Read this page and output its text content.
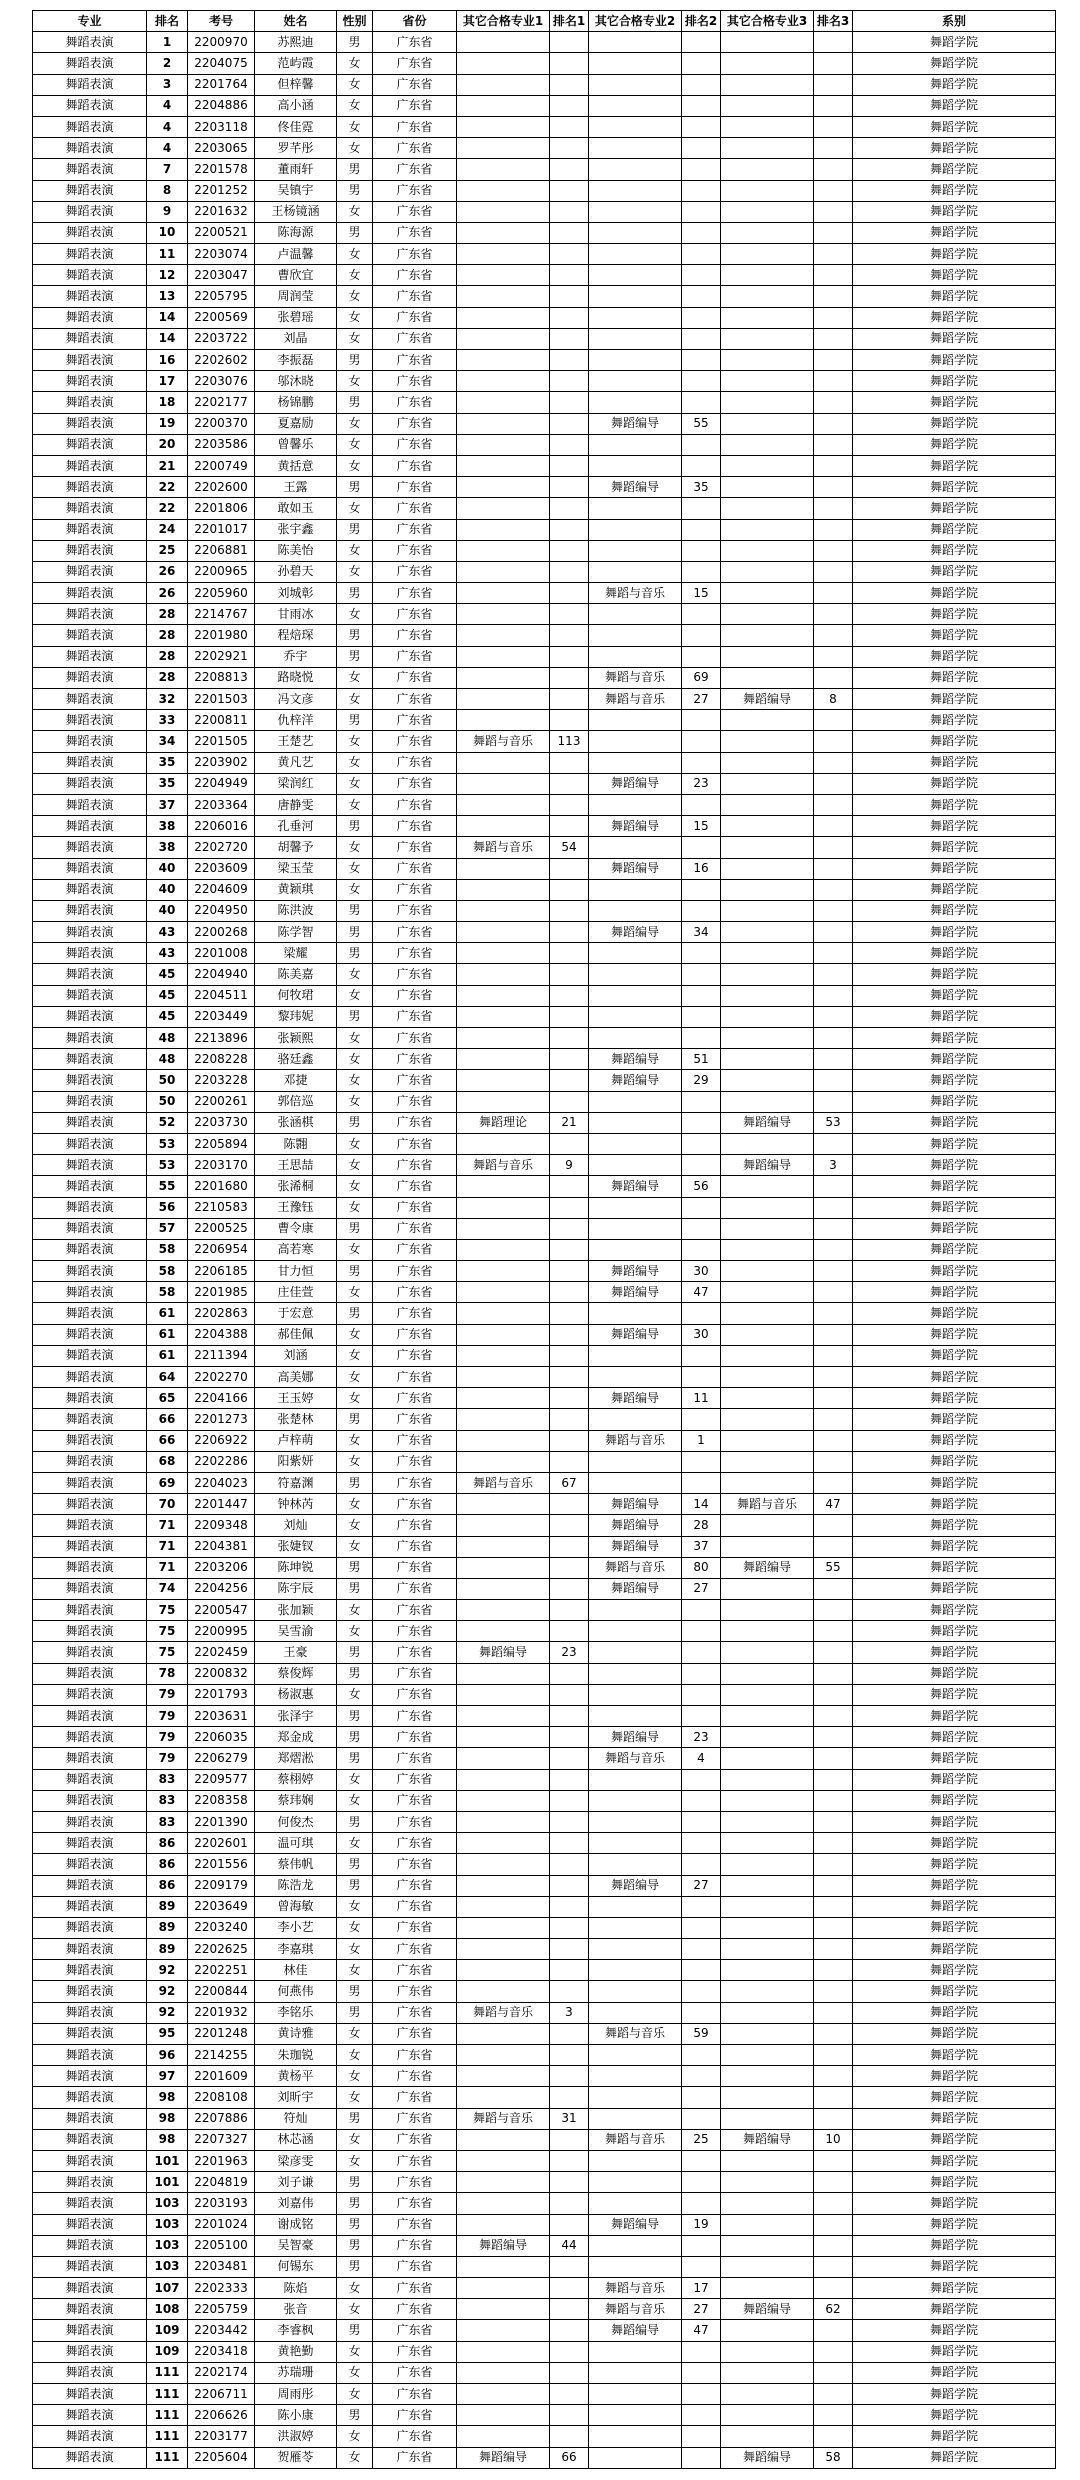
专业	排名	考号	姓名	性别	省份	其它合格专业1	排名1	其它合格专业2	排名2	其它合格专业3	排名3	系别
舞蹈表演	1	2200970	苏熙迪	男	广东省							舞蹈学院
舞蹈表演	2	2204075	范屿霞	女	广东省							舞蹈学院
舞蹈表演	3	2201764	但梓馨	女	广东省							舞蹈学院
舞蹈表演	4	2204886	高小涵	女	广东省							舞蹈学院
舞蹈表演	4	2203118	佟佳霓	女	广东省							舞蹈学院
舞蹈表演	4	2203065	罗芊彤	女	广东省							舞蹈学院
舞蹈表演	7	2201578	董雨轩	男	广东省							舞蹈学院
舞蹈表演	8	2201252	吴镇宇	男	广东省							舞蹈学院
舞蹈表演	9	2201632	王杨镜涵	女	广东省							舞蹈学院
舞蹈表演	10	2200521	陈海源	男	广东省							舞蹈学院
舞蹈表演	11	2203074	卢温馨	女	广东省							舞蹈学院
舞蹈表演	12	2203047	曹欣宜	女	广东省							舞蹈学院
舞蹈表演	13	2205795	周润莹	女	广东省							舞蹈学院
舞蹈表演	14	2200569	张碧瑶	女	广东省							舞蹈学院
舞蹈表演	14	2203722	刘晶	女	广东省							舞蹈学院
舞蹈表演	16	2202602	李振磊	男	广东省							舞蹈学院
舞蹈表演	17	2203076	邬沐晓	女	广东省							舞蹈学院
舞蹈表演	18	2202177	杨锦鹏	男	广东省							舞蹈学院
舞蹈表演	19	2200370	夏嘉励	女	广东省			舞蹈编导	55			舞蹈学院
舞蹈表演	20	2203586	曾馨乐	女	广东省							舞蹈学院
舞蹈表演	21	2200749	黄括意	女	广东省							舞蹈学院
舞蹈表演	22	2202600	王露	男	广东省			舞蹈编导	35			舞蹈学院
舞蹈表演	22	2201806	敢如玉	女	广东省							舞蹈学院
舞蹈表演	24	2201017	张宇鑫	男	广东省							舞蹈学院
舞蹈表演	25	2206881	陈美怡	女	广东省							舞蹈学院
舞蹈表演	26	2200965	孙碧天	女	广东省							舞蹈学院
舞蹈表演	26	2205960	刘城彰	男	广东省			舞蹈与音乐	15			舞蹈学院
舞蹈表演	28	2214767	甘雨冰	女	广东省							舞蹈学院
舞蹈表演	28	2201980	程焙琛	男	广东省							舞蹈学院
舞蹈表演	28	2202921	乔宇	男	广东省							舞蹈学院
舞蹈表演	28	2208813	路晓悦	女	广东省			舞蹈与音乐	69			舞蹈学院
舞蹈表演	32	2201503	冯文彦	女	广东省			舞蹈与音乐	27	舞蹈编导	8	舞蹈学院
舞蹈表演	33	2200811	仇梓洋	男	广东省							舞蹈学院
舞蹈表演	34	2201505	王楚艺	女	广东省	舞蹈与音乐	113					舞蹈学院
舞蹈表演	35	2203902	黄凡艺	女	广东省							舞蹈学院
舞蹈表演	35	2204949	梁润红	女	广东省			舞蹈编导	23			舞蹈学院
舞蹈表演	37	2203364	唐静雯	女	广东省							舞蹈学院
舞蹈表演	38	2206016	孔垂河	男	广东省			舞蹈编导	15			舞蹈学院
舞蹈表演	38	2202720	胡馨予	女	广东省	舞蹈与音乐	54					舞蹈学院
舞蹈表演	40	2203609	梁玉莹	女	广东省			舞蹈编导	16			舞蹈学院
舞蹈表演	40	2204609	黄颖琪	女	广东省							舞蹈学院
舞蹈表演	40	2204950	陈洪波	男	广东省							舞蹈学院
舞蹈表演	43	2200268	陈学智	男	广东省			舞蹈编导	34			舞蹈学院
舞蹈表演	43	2201008	梁耀	男	广东省							舞蹈学院
舞蹈表演	45	2204940	陈美嘉	女	广东省							舞蹈学院
舞蹈表演	45	2204511	何牧珺	女	广东省							舞蹈学院
舞蹈表演	45	2203449	黎玮妮	男	广东省							舞蹈学院
舞蹈表演	48	2213896	张颖熙	女	广东省							舞蹈学院
舞蹈表演	48	2208228	骆廷鑫	女	广东省			舞蹈编导	51			舞蹈学院
舞蹈表演	50	2203228	邓捷	女	广东省			舞蹈编导	29			舞蹈学院
舞蹈表演	50	2200261	郭倍巡	女	广东省							舞蹈学院
舞蹈表演	52	2203730	张涵棋	男	广东省	舞蹈理论	21			舞蹈编导	53	舞蹈学院
舞蹈表演	53	2205894	陈翾	女	广东省							舞蹈学院
舞蹈表演	53	2203170	王思喆	女	广东省	舞蹈与音乐	9			舞蹈编导	3	舞蹈学院
舞蹈表演	55	2201680	张浠桐	女	广东省			舞蹈编导	56			舞蹈学院
舞蹈表演	56	2210583	王豫钰	女	广东省							舞蹈学院
舞蹈表演	57	2200525	曹令康	男	广东省							舞蹈学院
舞蹈表演	58	2206954	高若寒	女	广东省							舞蹈学院
舞蹈表演	58	2206185	甘力恒	男	广东省			舞蹈编导	30			舞蹈学院
舞蹈表演	58	2201985	庄佳萱	女	广东省			舞蹈编导	47			舞蹈学院
舞蹈表演	61	2202863	于宏意	男	广东省							舞蹈学院
舞蹈表演	61	2204388	郝佳佩	女	广东省			舞蹈编导	30			舞蹈学院
舞蹈表演	61	2211394	刘涵	女	广东省							舞蹈学院
舞蹈表演	64	2202270	高美娜	女	广东省							舞蹈学院
舞蹈表演	65	2204166	王玉婷	女	广东省			舞蹈编导	11			舞蹈学院
舞蹈表演	66	2201273	张楚林	男	广东省							舞蹈学院
舞蹈表演	66	2206922	卢梓萌	女	广东省			舞蹈与音乐	1			舞蹈学院
舞蹈表演	68	2202286	阳紫妍	女	广东省							舞蹈学院
舞蹈表演	69	2204023	符嘉渊	男	广东省	舞蹈与音乐	67					舞蹈学院
舞蹈表演	70	2201447	钟林芮	女	广东省			舞蹈编导	14	舞蹈与音乐	47	舞蹈学院
舞蹈表演	71	2209348	刘灿	女	广东省			舞蹈编导	28			舞蹈学院
舞蹈表演	71	2204381	张婕钗	女	广东省			舞蹈编导	37			舞蹈学院
舞蹈表演	71	2203206	陈坤锐	男	广东省			舞蹈与音乐	80	舞蹈编导	55	舞蹈学院
舞蹈表演	74	2204256	陈宇辰	男	广东省			舞蹈编导	27			舞蹈学院
舞蹈表演	75	2200547	张加颖	女	广东省							舞蹈学院
舞蹈表演	75	2200995	吴雪渝	女	广东省							舞蹈学院
舞蹈表演	75	2202459	王豪	男	广东省	舞蹈编导	23					舞蹈学院
舞蹈表演	78	2200832	蔡俊辉	男	广东省							舞蹈学院
舞蹈表演	79	2201793	杨淑惠	女	广东省							舞蹈学院
舞蹈表演	79	2203631	张泽宇	男	广东省							舞蹈学院
舞蹈表演	79	2206035	郑金成	男	广东省			舞蹈编导	23			舞蹈学院
舞蹈表演	79	2206279	郑熠淞	男	广东省			舞蹈与音乐	4			舞蹈学院
舞蹈表演	83	2209577	蔡栩婷	女	广东省							舞蹈学院
舞蹈表演	83	2208358	蔡玮娴	女	广东省							舞蹈学院
舞蹈表演	83	2201390	何俊杰	男	广东省							舞蹈学院
舞蹈表演	86	2202601	温可琪	女	广东省							舞蹈学院
舞蹈表演	86	2201556	蔡伟帆	男	广东省							舞蹈学院
舞蹈表演	86	2209179	陈浩龙	男	广东省			舞蹈编导	27			舞蹈学院
舞蹈表演	89	2203649	曾海敏	女	广东省							舞蹈学院
舞蹈表演	89	2203240	李小艺	女	广东省							舞蹈学院
舞蹈表演	89	2202625	李嘉琪	女	广东省							舞蹈学院
舞蹈表演	92	2202251	林佳	女	广东省							舞蹈学院
舞蹈表演	92	2200844	何燕伟	男	广东省							舞蹈学院
舞蹈表演	92	2201932	李铭乐	男	广东省	舞蹈与音乐	3					舞蹈学院
舞蹈表演	95	2201248	黄诗雅	女	广东省			舞蹈与音乐	59			舞蹈学院
舞蹈表演	96	2214255	朱珈锐	女	广东省							舞蹈学院
舞蹈表演	97	2201609	黄杨平	女	广东省							舞蹈学院
舞蹈表演	98	2208108	刘昕宇	女	广东省							舞蹈学院
舞蹈表演	98	2207886	符灿	男	广东省	舞蹈与音乐	31					舞蹈学院
舞蹈表演	98	2207327	林芯涵	女	广东省			舞蹈与音乐	25	舞蹈编导	10	舞蹈学院
舞蹈表演	101	2201963	梁彦雯	女	广东省							舞蹈学院
舞蹈表演	101	2204819	刘子谦	男	广东省							舞蹈学院
舞蹈表演	103	2203193	刘嘉伟	男	广东省							舞蹈学院
舞蹈表演	103	2201024	谢成铭	男	广东省			舞蹈编导	19			舞蹈学院
舞蹈表演	103	2205100	吴智豪	男	广东省	舞蹈编导	44					舞蹈学院
舞蹈表演	103	2203481	何锡东	男	广东省							舞蹈学院
舞蹈表演	107	2202333	陈焰	女	广东省			舞蹈与音乐	17			舞蹈学院
舞蹈表演	108	2205759	张音	女	广东省			舞蹈与音乐	27	舞蹈编导	62	舞蹈学院
舞蹈表演	109	2203442	李睿枫	男	广东省			舞蹈编导	47			舞蹈学院
舞蹈表演	109	2203418	黄艳勤	女	广东省							舞蹈学院
舞蹈表演	111	2202174	苏瑞珊	女	广东省							舞蹈学院
舞蹈表演	111	2206711	周雨彤	女	广东省							舞蹈学院
舞蹈表演	111	2206626	陈小康	男	广东省							舞蹈学院
舞蹈表演	111	2203177	洪淑婷	女	广东省							舞蹈学院
舞蹈表演	111	2205604	贺雁苓	女	广东省	舞蹈编导	66			舞蹈编导	58	舞蹈学院
